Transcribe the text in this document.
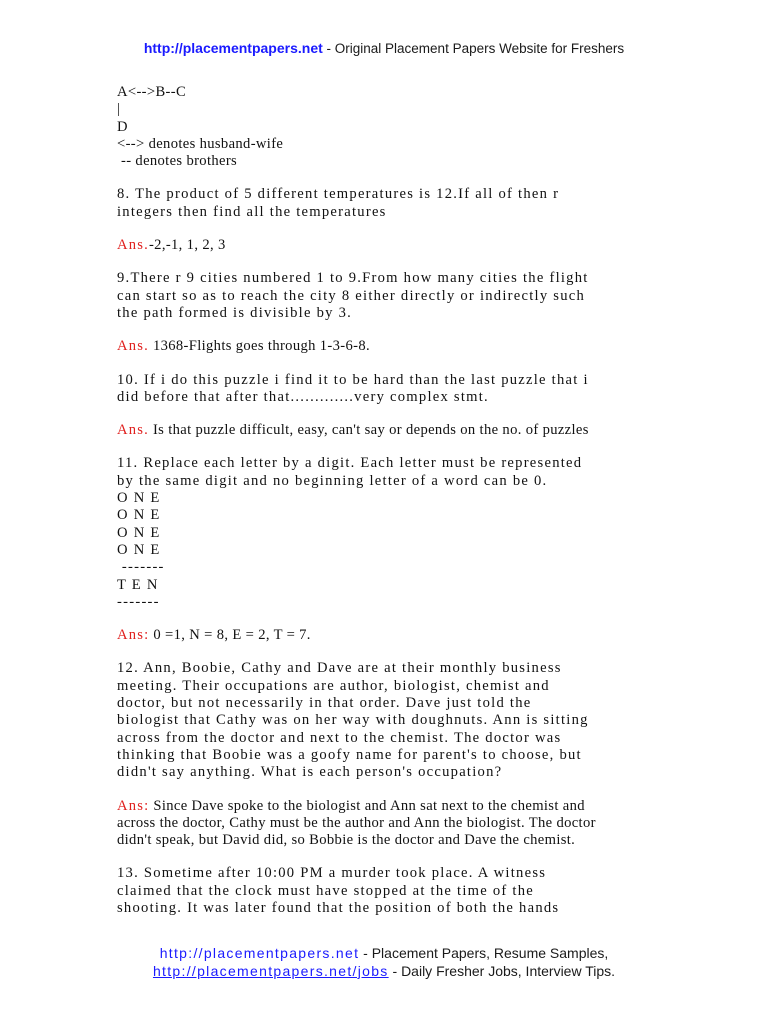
http://placementpapers.net - Original Placement Papers Website for Freshers
A<-->B--C
|
D
<--> denotes husband-wife
-- denotes brothers
8. The product of 5 different temperatures is 12.If all of then r
integers then find all the temperatures
Ans.-2,-1, 1, 2, 3
9.There r 9 cities numbered 1 to 9.From how many cities the flight
can start so as to reach the city 8 either directly or indirectly such
the path formed is divisible by 3.
Ans. 1368-Flights goes through 1-3-6-8.
10. If i do this puzzle i find it to be hard than the last puzzle that i
did before that after that.............very complex stmt.
Ans. Is that puzzle difficult, easy, can't say or depends on the no. of puzzles
11. Replace each letter by a digit. Each letter must be represented
by the same digit and no beginning letter of a word can be 0.
O N E
O N E
O N E
O N E
-------
T E N
-------
Ans: 0 =1, N = 8, E = 2, T = 7.
12. Ann, Boobie, Cathy and Dave are at their monthly business
meeting. Their occupations are author, biologist, chemist and
doctor, but not necessarily in that order. Dave just told the
biologist that Cathy was on her way with doughnuts. Ann is sitting
across from the doctor and next to the chemist. The doctor was
thinking that Boobie was a goofy name for parent's to choose, but
didn't say anything. What is each person's occupation?
Ans: Since Dave spoke to the biologist and Ann sat next to the chemist and
across the doctor, Cathy must be the author and Ann the biologist. The doctor
didn't speak, but David did, so Bobbie is the doctor and Dave the chemist.
13. Sometime after 10:00 PM a murder took place. A witness
claimed that the clock must have stopped at the time of the
shooting. It was later found that the position of both the hands
http://placementpapers.net - Placement Papers, Resume Samples,
http://placementpapers.net/jobs - Daily Fresher Jobs, Interview Tips.
